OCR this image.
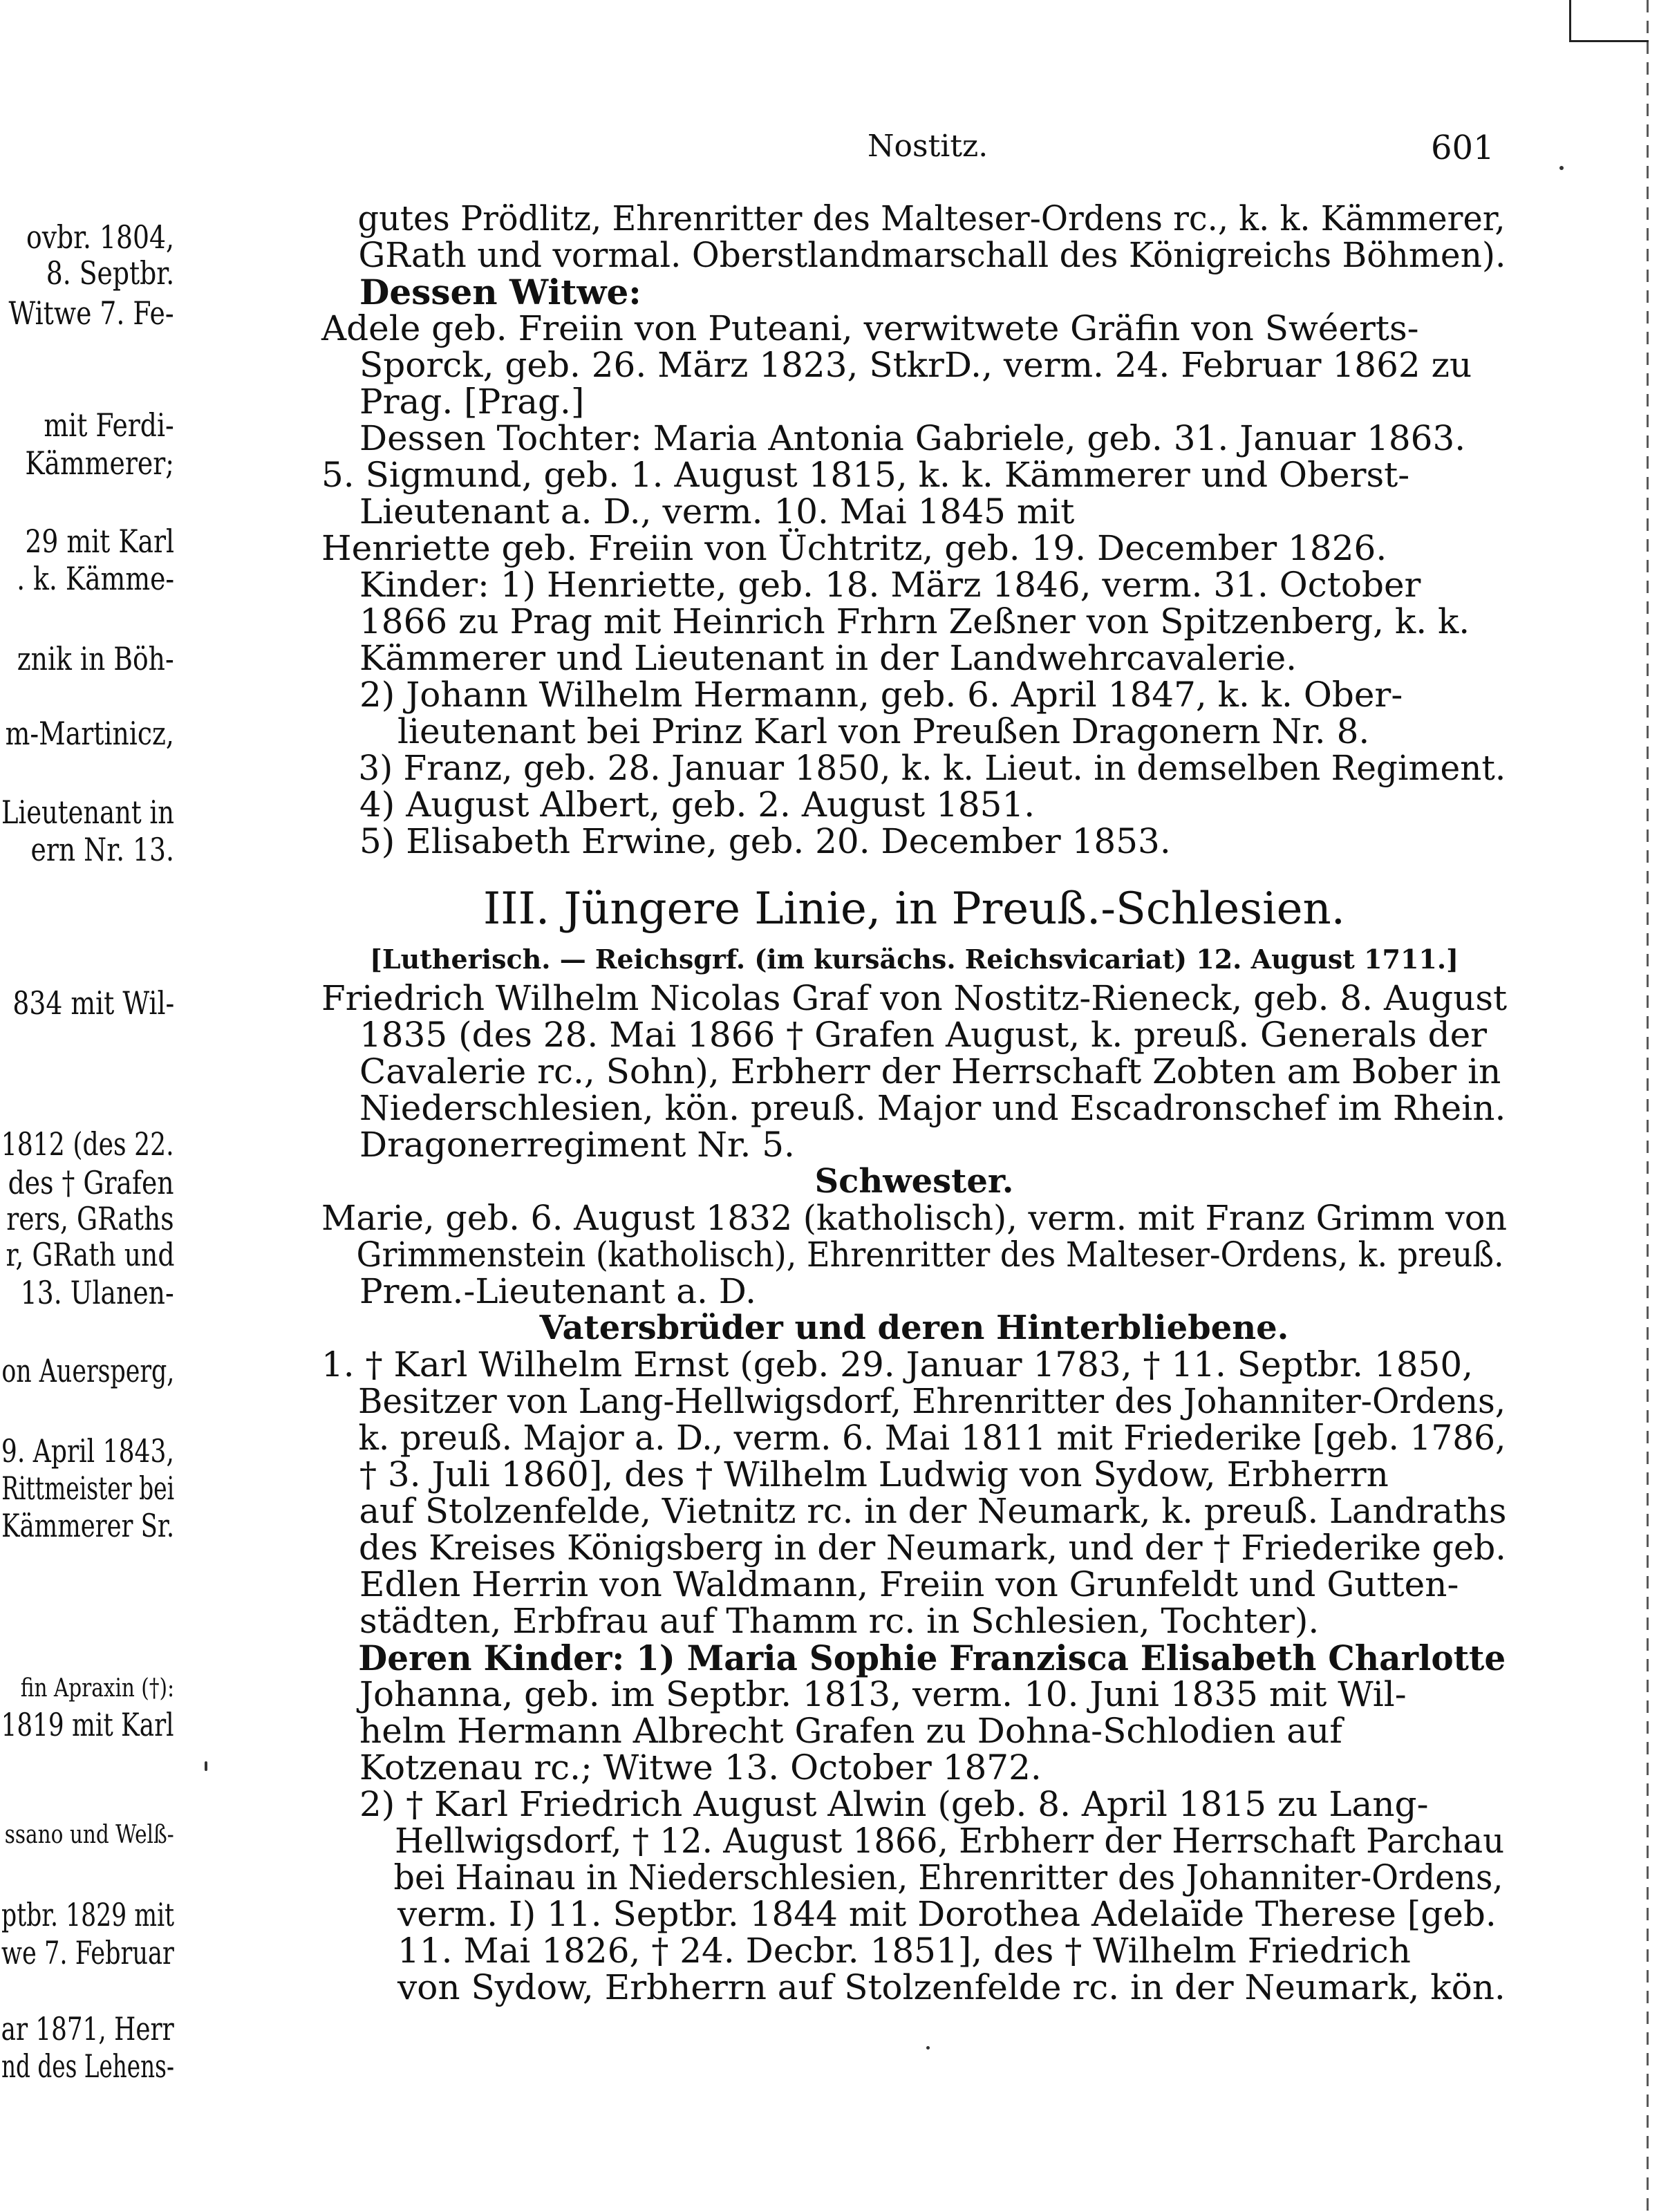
ovbr. 1804,
8. Septbr.
Witwe 7. Fe-
mit Ferdi-
Kämmerer;
29 mit Karl
. k. Kämme-
znik in Böh-
m-Martinicz,
Lieutenant in
ern Nr. 13.
834 mit Wil-
1812 (des 22.
des † Grafen
rers, GRaths
r, GRath und
13. Ulanen-
on Auersperg,
9. April 1843,
Rittmeister bei
Kämmerer Sr.
fin Apraxin (†):
1819 mit Karl
ssano und Welß-
ptbr. 1829 mit
we 7. Februar
ar 1871, Herr
nd des Lehens-
Nostitz.	601
gutes Prödlitz, Ehrenritter des Malteser-Ordens rc., k. k. Kämmerer,
GRath und vormal. Oberstlandmarschall des Königreichs Böhmen).
Dessen Witwe:
Adele geb. Freiin von Puteani, verwitwete Gräfin von Swéerts-
Sporck, geb. 26. März 1823, StkrD., verm. 24. Februar 1862 zu
Prag. [Prag.]
Dessen Tochter: Maria Antonia Gabriele, geb. 31. Januar 1863.
5. Sigmund, geb. 1. August 1815, k. k. Kämmerer und Oberst-
Lieutenant a. D., verm. 10. Mai 1845 mit
Henriette geb. Freiin von Üchtritz, geb. 19. December 1826.
Kinder: 1) Henriette, geb. 18. März 1846, verm. 31. October
1866 zu Prag mit Heinrich Frhrn Zeßner von Spitzenberg, k. k.
Kämmerer und Lieutenant in der Landwehrcavalerie.
2) Johann Wilhelm Hermann, geb. 6. April 1847, k. k. Ober-
lieutenant bei Prinz Karl von Preußen Dragonern Nr. 8.
3) Franz, geb. 28. Januar 1850, k. k. Lieut. in demselben Regiment.
4) August Albert, geb. 2. August 1851.
5) Elisabeth Erwine, geb. 20. December 1853.
III. Jüngere Linie, in Preuß.-Schlesien.
[Lutherisch. — Reichsgrf. (im kursächs. Reichsvicariat) 12. August 1711.]
Friedrich Wilhelm Nicolas Graf von Nostitz-Rieneck, geb. 8. August
1835 (des 28. Mai 1866 † Grafen August, k. preuß. Generals der
Cavalerie rc., Sohn), Erbherr der Herrschaft Zobten am Bober in
Niederschlesien, kön. preuß. Major und Escadronschef im Rhein.
Dragonerregiment Nr. 5.
Schwester.
Marie, geb. 6. August 1832 (katholisch), verm. mit Franz Grimm von
Grimmenstein (katholisch), Ehrenritter des Malteser-Ordens, k. preuß.
Prem.-Lieutenant a. D.
Vatersbrüder und deren Hinterbliebene.
1. † Karl Wilhelm Ernst (geb. 29. Januar 1783, † 11. Septbr. 1850,
Besitzer von Lang-Hellwigsdorf, Ehrenritter des Johanniter-Ordens,
k. preuß. Major a. D., verm. 6. Mai 1811 mit Friederike [geb. 1786,
† 3. Juli 1860], des † Wilhelm Ludwig von Sydow, Erbherrn
auf Stolzenfelde, Vietnitz rc. in der Neumark, k. preuß. Landraths
des Kreises Königsberg in der Neumark, und der † Friederike geb.
Edlen Herrin von Waldmann, Freiin von Grunfeldt und Gutten-
städten, Erbfrau auf Thamm rc. in Schlesien, Tochter).
Deren Kinder: 1) Maria Sophie Franzisca Elisabeth Charlotte
Johanna, geb. im Septbr. 1813, verm. 10. Juni 1835 mit Wil-
helm Hermann Albrecht Grafen zu Dohna-Schlodien auf
Kotzenau rc.; Witwe 13. October 1872.
2) † Karl Friedrich August Alwin (geb. 8. April 1815 zu Lang-
Hellwigsdorf, † 12. August 1866, Erbherr der Herrschaft Parchau
bei Hainau in Niederschlesien, Ehrenritter des Johanniter-Ordens,
verm. I) 11. Septbr. 1844 mit Dorothea Adelaïde Therese [geb.
11. Mai 1826, † 24. Decbr. 1851], des † Wilhelm Friedrich
von Sydow, Erbherrn auf Stolzenfelde rc. in der Neumark, kön.
